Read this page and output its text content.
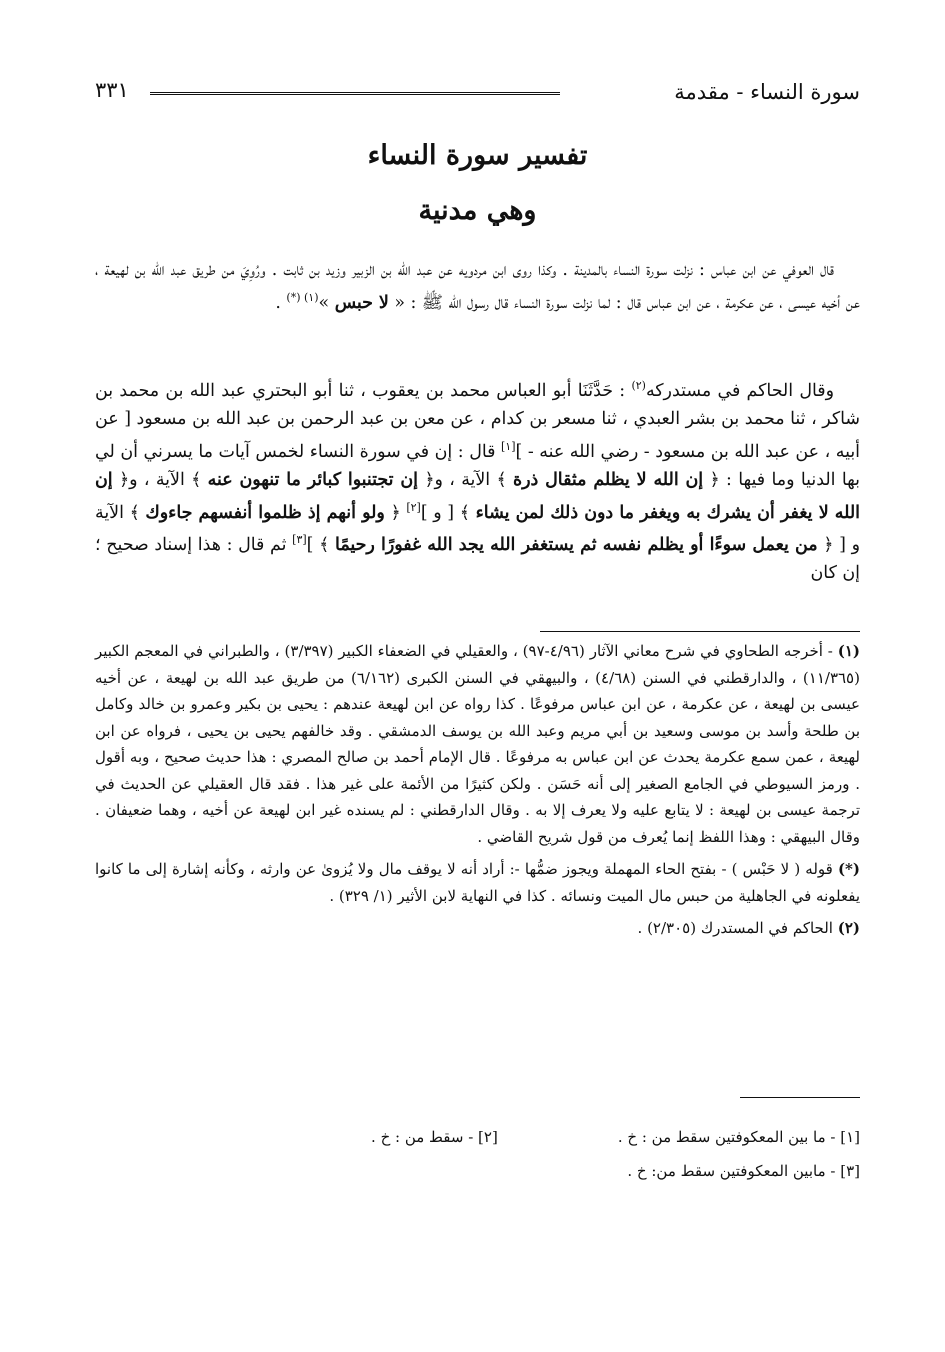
سورة النساء - مقدمة
٣٣١
تفسير سورة النساء
وهي مدنية

قال العوفي عن ابن عباس : نزلت سورة النساء بالمدينة . وكذا روى ابن مردويه عن عبد الله بن الزبير وزيد بن ثابت . ورُوِيَ من طريق عبد الله بن لهيعة ، عن أخيه عيسى ، عن عكرمة ، عن ابن عباس قال : لما نزلت سورة النساء قال رسول الله ﷺ : « لا حبس »$^{(١) (*)}$ .

وقال الحاكم في مستدركه$^{(٢)}$ : حَدَّثَنَا أبو العباس محمد بن يعقوب ، ثنا أبو البحتري عبد الله بن محمد بن شاكر ، ثنا محمد بن بشر العبدي ، ثنا مسعر بن كدام ، عن معن بن عبد الرحمن بن عبد الله بن مسعود [ عن أبيه ، عن عبد الله بن مسعود - رضي الله عنه - ][١] قال : إن في سورة النساء لخمس آيات ما يسرني أن لي بها الدنيا وما فيها : ﴿ إن الله لا يظلم مثقال ذرة ﴾ الآية ، و﴿ إن تجتنبوا كبائر ما تنهون عنه ﴾ الآية ، و﴿ إن الله لا يغفر أن يشرك به ويغفر ما دون ذلك لمن يشاء ﴾ [ و ][٢] ﴿ ولو أنهم إذ ظلموا أنفسهم جاءوك ﴾ الآية و [ ﴿ من يعمل سوءًا أو يظلم نفسه ثم يستغفر الله يجد الله غفورًا رحيمًا ﴾ ][٣] ثم قال : هذا إسناد صحيح ؛ إن كان

(١) - أخرجه الطحاوي في شرح معاني الآثار (٤/٩٦-٩٧) ، والعقيلي في الضعفاء الكبير (٣/٣٩٧) ، والطبراني في المعجم الكبير (١١/٣٦٥) ، والدارقطني في السنن (٤/٦٨) ، والبيهقي في السنن الكبرى (٦/١٦٢) من طريق عبد الله بن لهيعة ، عن أخيه عيسى بن لهيعة ، عن عكرمة ، عن ابن عباس مرفوعًا . كذا رواه عن ابن لهيعة عندهم : يحيى بن بكير وعمرو بن خالد وكامل بن طلحة وأسد بن موسى وسعيد بن أبي مريم وعبد الله بن يوسف الدمشقي . وقد خالفهم يحيى بن يحيى ، فرواه عن ابن لهيعة ، عمن سمع عكرمة يحدث عن ابن عباس به مرفوعًا . قال الإمام أحمد بن صالح المصري : هذا حديث صحيح ، وبه أقول . ورمز السيوطي في الجامع الصغير إلى أنه حَسَن . ولكن كثيرًا من الأئمة على غير هذا . فقد قال العقيلي عن الحديث في ترجمة عيسى بن لهيعة : لا يتابع عليه ولا يعرف إلا به . وقال الدارقطني : لم يسنده غير ابن لهيعة عن أخيه ، وهما ضعيفان . وقال البيهقي : وهذا اللفظ إنما يُعرف من قول شريح القاضي .

(*) قوله ( لا حَبْس ) - بفتح الحاء المهملة ويجوز ضمُّها -: أراد أنه لا يوقف مال ولا يُزوىٰ عن وارثه ، وكأنه إشارة إلى ما كانوا يفعلونه في الجاهلية من حبس مال الميت ونسائه . كذا في النهاية لابن الأثير (١/ ٣٢٩) .

(٢) الحاكم في المستدرك (٢/٣٠٥) .

[١] - ما بين المعكوفتين سقط من : خ .
[٢] - سقط من : خ .
[٣] - مابين المعكوفتين سقط من: خ .
